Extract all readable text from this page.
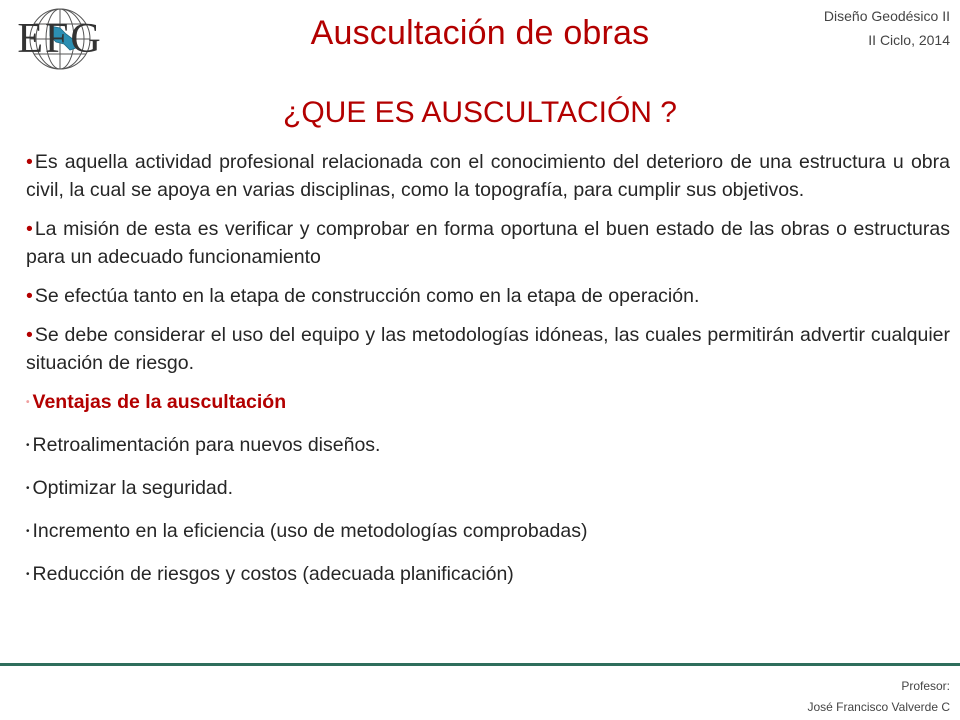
EFG	Auscultación de obras	Diseño Geodésico II
II Ciclo, 2014
¿QUE ES AUSCULTACIÓN ?

• Es aquella actividad profesional relacionada con el conocimiento del deterioro de una estructura u obra civil, la cual se apoya en varias disciplinas, como la topografía, para cumplir sus objetivos.

• La misión de esta es verificar y comprobar en forma oportuna el buen estado de las obras o estructuras para un adecuado funcionamiento

• Se efectúa tanto en la etapa de construcción como en la etapa de operación.

• Se debe considerar el uso del equipo y las metodologías idóneas, las cuales permitirán advertir cualquier situación de riesgo.

• Ventajas de la auscultación
• Retroalimentación para nuevos diseños.
• Optimizar la seguridad.
• Incremento en la eficiencia (uso de metodologías comprobadas)
• Reducción de riesgos y costos (adecuada planificación)
Profesor:
José Francisco Valverde C
